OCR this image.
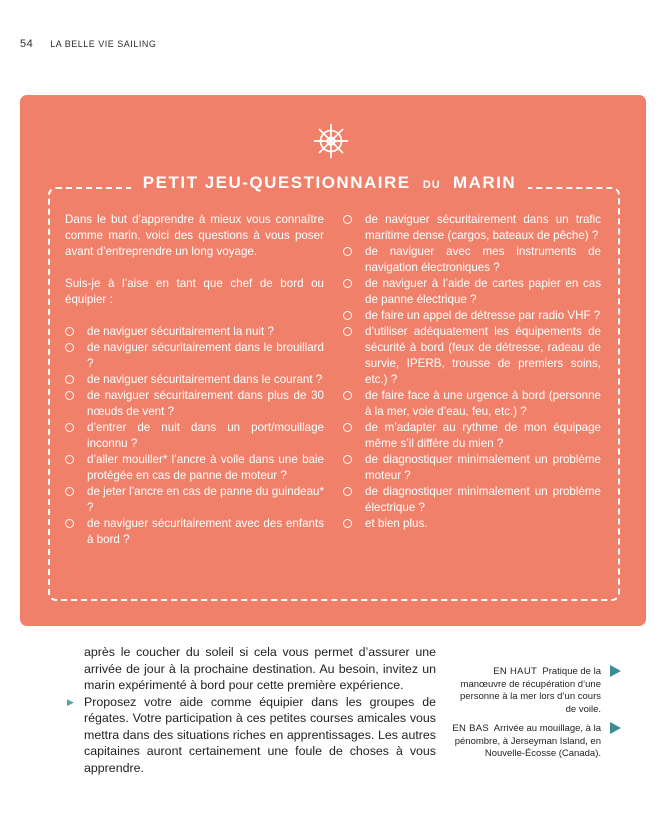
54 LA BELLE VIE SAILING
PETIT JEU-QUESTIONNAIRE DU MARIN

Dans le but d’apprendre à mieux vous connaître comme marin, voici des questions à vous poser avant d’entreprendre un long voyage.

Suis-je à l’aise en tant que chef de bord ou équipier :

de naviguer sécuritairement la nuit ?
de naviguer sécuritairement dans le brouillard ?
de naviguer sécuritairement dans le courant ?
de naviguer sécuritairement dans plus de 30 nœuds de vent ?
d’entrer de nuit dans un port/mouillage inconnu ?
d’aller mouiller* l’ancre à voile dans une baie protégée en cas de panne de moteur ?
de jeter l’ancre en cas de panne du guindeau* ?
de naviguer sécuritairement avec des enfants à bord ?
de naviguer sécuritairement dans un trafic maritime dense (cargos, bateaux de pêche) ?
de naviguer avec mes instruments de navigation électroniques ?
de naviguer à l’aide de cartes papier en cas de panne électrique ?
de faire un appel de détresse par radio VHF ?
d’utiliser adéquatement les équipements de sécurité à bord (feux de détresse, radeau de survie, IPERB, trousse de premiers soins, etc.) ?
de faire face à une urgence à bord (personne à la mer, voie d’eau, feu, etc.) ?
de m’adapter au rythme de mon équipage même s’il diffère du mien ?
de diagnostiquer minimalement un problème moteur ?
de diagnostiquer minimalement un problème électrique ?
et bien plus.

après le coucher du soleil si cela vous permet d’assurer une arrivée de jour à la prochaine destination. Au besoin, invitez un marin expérimenté à bord pour cette première expérience.

▶ Proposez votre aide comme équipier dans les groupes de régates. Votre participation à ces petites courses amicales vous mettra dans des situations riches en apprentissages. Les autres capitaines auront certainement une foule de choses à vous apprendre.

EN HAUT Pratique de la manœuvre de récupération d’une personne à la mer lors d’un cours de voile.
EN BAS Arrivée au mouillage, à la pénombre, à Jerseyman Island, en Nouvelle-Écosse (Canada).
